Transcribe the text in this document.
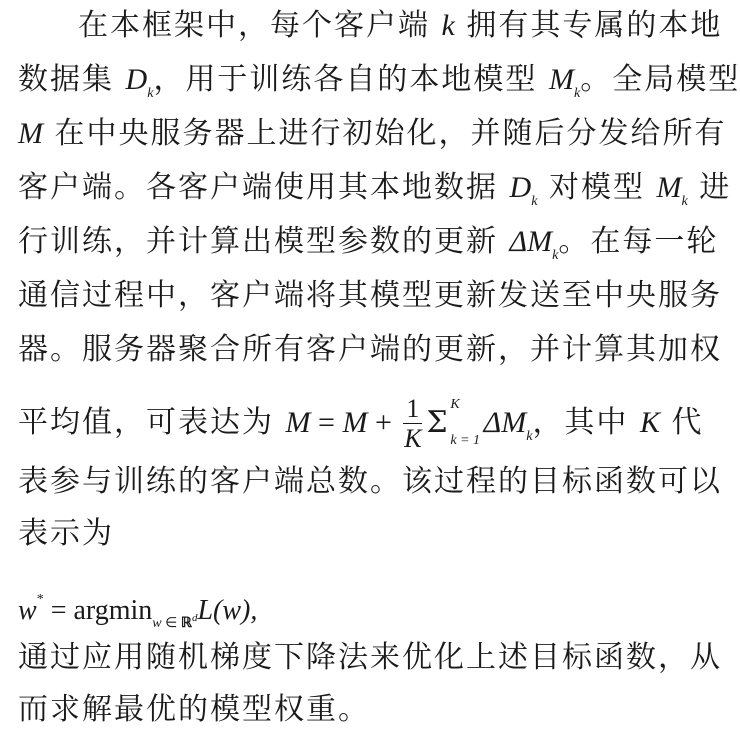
在本框架中，每个客户端 k 拥有其专属的本地
数据集 $D_k$，用于训练各自的本地模型 $M_k$。全局模型
M 在中央服务器上进行初始化，并随后分发给所有
客户端。各客户端使用其本地数据 $D_k$ 对模型 $M_k$ 进
行训练，并计算出模型参数的更新 $\Delta M_k$。在每一轮
通信过程中，客户端将其模型更新发送至中央服务
器。服务器聚合所有客户端的更新，并计算其加权
平均值，可表达为 $M = M + \frac{1}{K}$ Σ
K
k = 1
$\Delta M_k$，其中 K 代
表参与训练的客户端总数。该过程的目标函数可以
表示为
w* = argmin$_w$ $_\in$ $_ℝ$dL(w),
通过应用随机梯度下降法来优化上述目标函数，从
而求解最优的模型权重。
